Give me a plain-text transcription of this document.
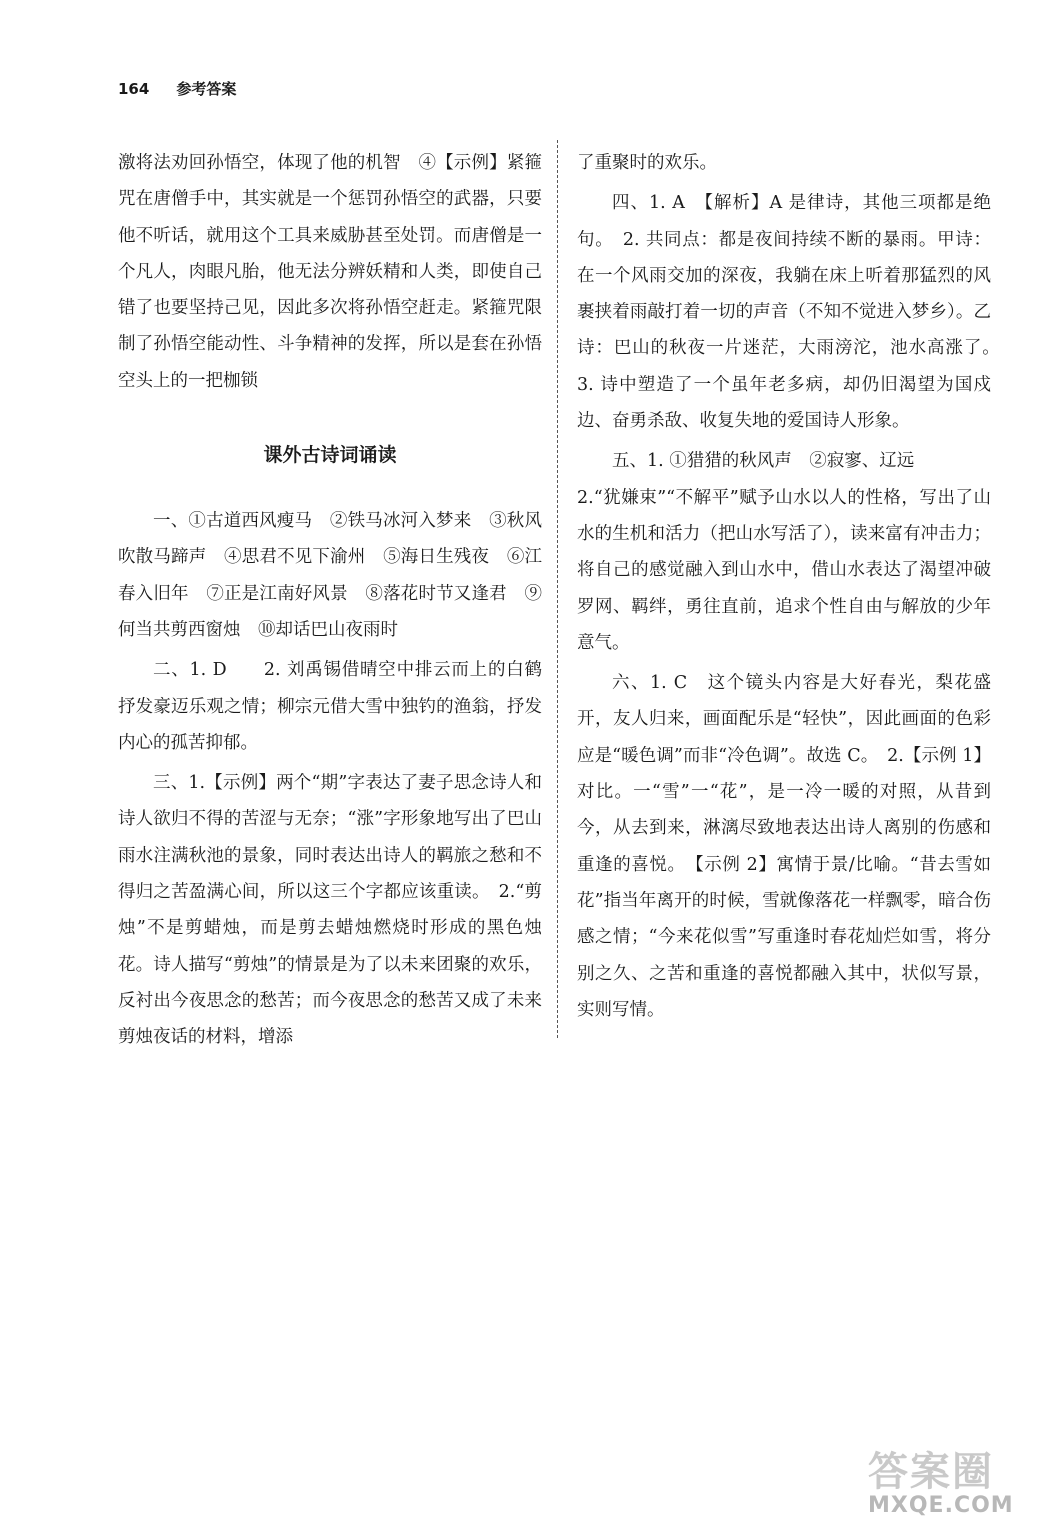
164 参考答案

激将法劝回孙悟空，体现了他的机智　④【示例】紧箍咒在唐僧手中，其实就是一个惩罚孙悟空的武器，只要他不听话，就用这个工具来威胁甚至处罚。而唐僧是一个凡人，肉眼凡胎，他无法分辨妖精和人类，即使自己错了也要坚持己见，因此多次将孙悟空赶走。紧箍咒限制了孙悟空能动性、斗争精神的发挥，所以是套在孙悟空头上的一把枷锁

课外古诗词诵读

一、①古道西风瘦马　②铁马冰河入梦来　③秋风吹散马蹄声　④思君不见下渝州　⑤海日生残夜　⑥江春入旧年　⑦正是江南好风景　⑧落花时节又逢君　⑨何当共剪西窗烛　⑩却话巴山夜雨时

二、1. D　　2. 刘禹锡借晴空中排云而上的白鹤抒发豪迈乐观之情；柳宗元借大雪中独钓的渔翁，抒发内心的孤苦抑郁。

三、1.【示例】两个“期”字表达了妻子思念诗人和诗人欲归不得的苦涩与无奈；“涨”字形象地写出了巴山雨水注满秋池的景象，同时表达出诗人的羁旅之愁和不得归之苦盈满心间，所以这三个字都应该重读。　2.“剪烛”不是剪蜡烛，而是剪去蜡烛燃烧时形成的黑色烛花。诗人描写“剪烛”的情景是为了以未来团聚的欢乐，反衬出今夜思念的愁苦；而今夜思念的愁苦又成了未来剪烛夜话的材料，增添

了重聚时的欢乐。

四、1. A　【解析】A 是律诗，其他三项都是绝句。　2. 共同点：都是夜间持续不断的暴雨。甲诗：在一个风雨交加的深夜，我躺在床上听着那猛烈的风裹挟着雨敲打着一切的声音（不知不觉进入梦乡）。乙诗：巴山的秋夜一片迷茫，大雨滂沱，池水高涨了。　3. 诗中塑造了一个虽年老多病，却仍旧渴望为国戍边、奋勇杀敌、收复失地的爱国诗人形象。

五、1. ①猎猎的秋风声　②寂寥、辽远

2.“犹嫌束”“不解平”赋予山水以人的性格，写出了山水的生机和活力（把山水写活了），读来富有冲击力；将自己的感觉融入到山水中，借山水表达了渴望冲破罗网、羁绊，勇往直前，追求个性自由与解放的少年意气。

六、1. C　这个镜头内容是大好春光，梨花盛开，友人归来，画面配乐是“轻快”，因此画面的色彩应是“暖色调”而非“冷色调”。故选 C。　2.【示例 1】对比。一“雪”一“花”，是一冷一暖的对照，从昔到今，从去到来，淋漓尽致地表达出诗人离别的伤感和重逢的喜悦。　【示例 2】寓情于景/比喻。“昔去雪如花”指当年离开的时候，雪就像落花一样飘零，暗合伤感之情；“今来花似雪”写重逢时春花灿烂如雪，将分别之久、之苦和重逢的喜悦都融入其中，状似写景，实则写情。

答案圈
MXQE.COM
